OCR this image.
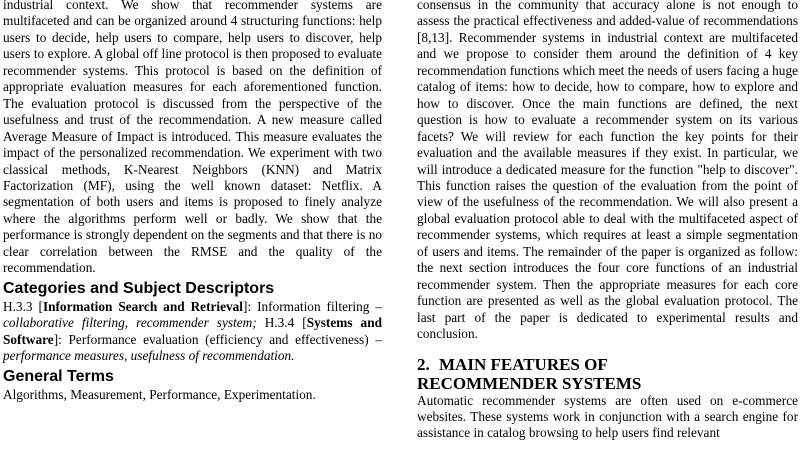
industrial context. We show that recommender systems are multifaceted and can be organized around 4 structuring functions: help users to decide, help users to compare, help users to discover, help users to explore. A global off line protocol is then proposed to evaluate recommender systems. This protocol is based on the definition of appropriate evaluation measures for each aforementioned function. The evaluation protocol is discussed from the perspective of the usefulness and trust of the recommendation. A new measure called Average Measure of Impact is introduced. This measure evaluates the impact of the personalized recommendation. We experiment with two classical methods, K-Nearest Neighbors (KNN) and Matrix Factorization (MF), using the well known dataset: Netflix. A segmentation of both users and items is proposed to finely analyze where the algorithms perform well or badly. We show that the performance is strongly dependent on the segments and that there is no clear correlation between the RMSE and the quality of the recommendation.

Categories and Subject Descriptors

H.3.3 [Information Search and Retrieval]: Information filtering – collaborative filtering, recommender system; H.3.4 [Systems and Software]: Performance evaluation (efficiency and effectiveness) – performance measures, usefulness of recommendation.

General Terms

Algorithms, Measurement, Performance, Experimentation.

consensus in the community that accuracy alone is not enough to assess the practical effectiveness and added-value of recommendations [8,13]. Recommender systems in industrial context are multifaceted and we propose to consider them around the definition of 4 key recommendation functions which meet the needs of users facing a huge catalog of items: how to decide, how to compare, how to explore and how to discover. Once the main functions are defined, the next question is how to evaluate a recommender system on its various facets? We will review for each function the key points for their evaluation and the available measures if they exist. In particular, we will introduce a dedicated measure for the function "help to discover". This function raises the question of the evaluation from the point of view of the usefulness of the recommendation. We will also present a global evaluation protocol able to deal with the multifaceted aspect of recommender systems, which requires at least a simple segmentation of users and items. The remainder of the paper is organized as follow: the next section introduces the four core functions of an industrial recommender system. Then the appropriate measures for each core function are presented as well as the global evaluation protocol. The last part of the paper is dedicated to experimental results and conclusion.

2. MAIN FEATURES OF
RECOMMENDER SYSTEMS

Automatic recommender systems are often used on e-commerce websites. These systems work in conjunction with a search engine for assistance in catalog browsing to help users find relevant
